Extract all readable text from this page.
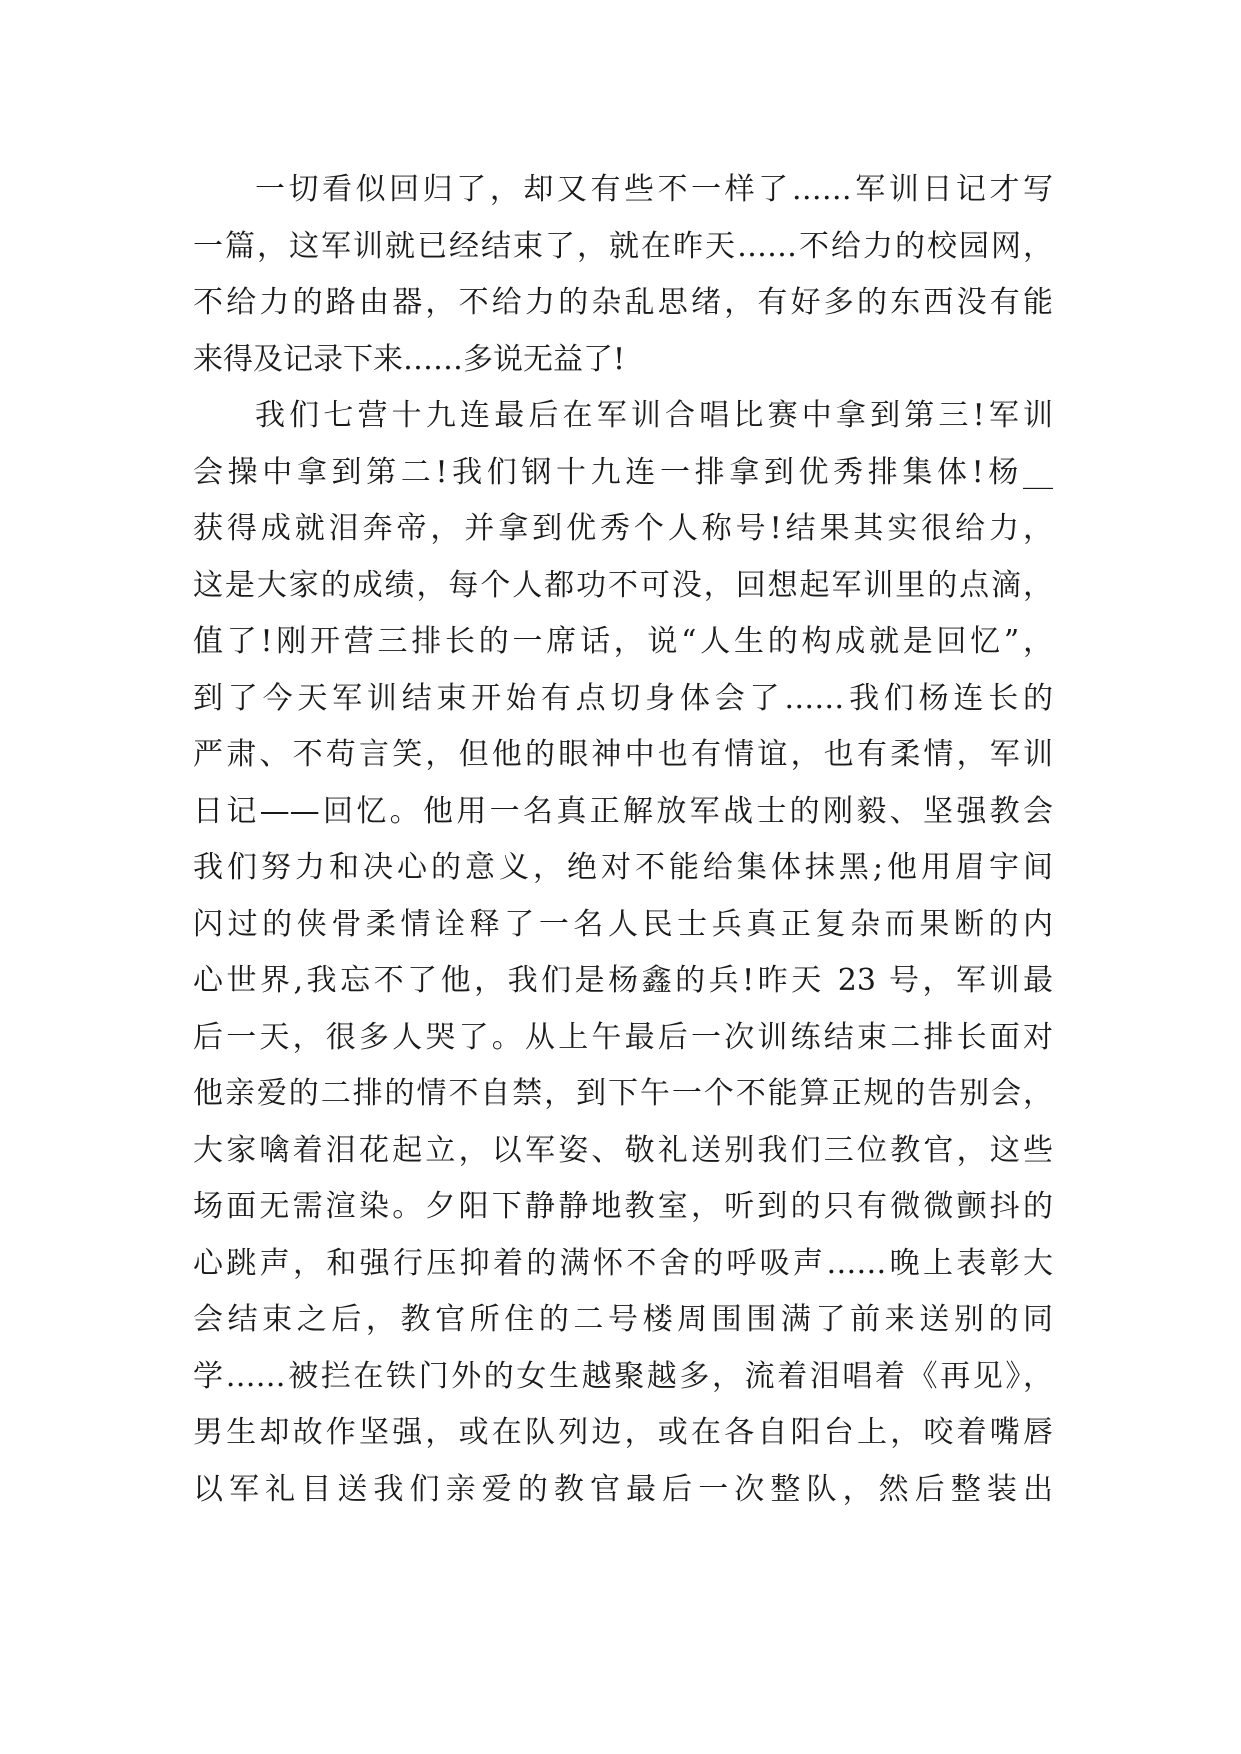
一切看似回归了，却又有些不一样了……军训日记才写
一篇，这军训就已经结束了，就在昨天……不给力的校园网，
不给力的路由器，不给力的杂乱思绪，有好多的东西没有能
来得及记录下来……多说无益了!
我们七营十九连最后在军训合唱比赛中拿到第三!军训
会操中拿到第二!我们钢十九连一排拿到优秀排集体!杨__
获得成就泪奔帝，并拿到优秀个人称号!结果其实很给力，
这是大家的成绩，每个人都功不可没，回想起军训里的点滴，
值了!刚开营三排长的一席话，说“人生的构成就是回忆”，
到了今天军训结束开始有点切身体会了……我们杨连长的
严肃、不苟言笑，但他的眼神中也有情谊，也有柔情，军训
日记——回忆。他用一名真正解放军战士的刚毅、坚强教会
我们努力和决心的意义，绝对不能给集体抹黑;他用眉宇间
闪过的侠骨柔情诠释了一名人民士兵真正复杂而果断的内
心世界,我忘不了他，我们是杨鑫的兵!昨天 23 号，军训最
后一天，很多人哭了。从上午最后一次训练结束二排长面对
他亲爱的二排的情不自禁，到下午一个不能算正规的告别会，
大家噙着泪花起立，以军姿、敬礼送别我们三位教官，这些
场面无需渲染。夕阳下静静地教室，听到的只有微微颤抖的
心跳声，和强行压抑着的满怀不舍的呼吸声……晚上表彰大
会结束之后，教官所住的二号楼周围围满了前来送别的同
学……被拦在铁门外的女生越聚越多，流着泪唱着《再见》，
男生却故作坚强，或在队列边，或在各自阳台上，咬着嘴唇
以军礼目送我们亲爱的教官最后一次整队，然后整装出
